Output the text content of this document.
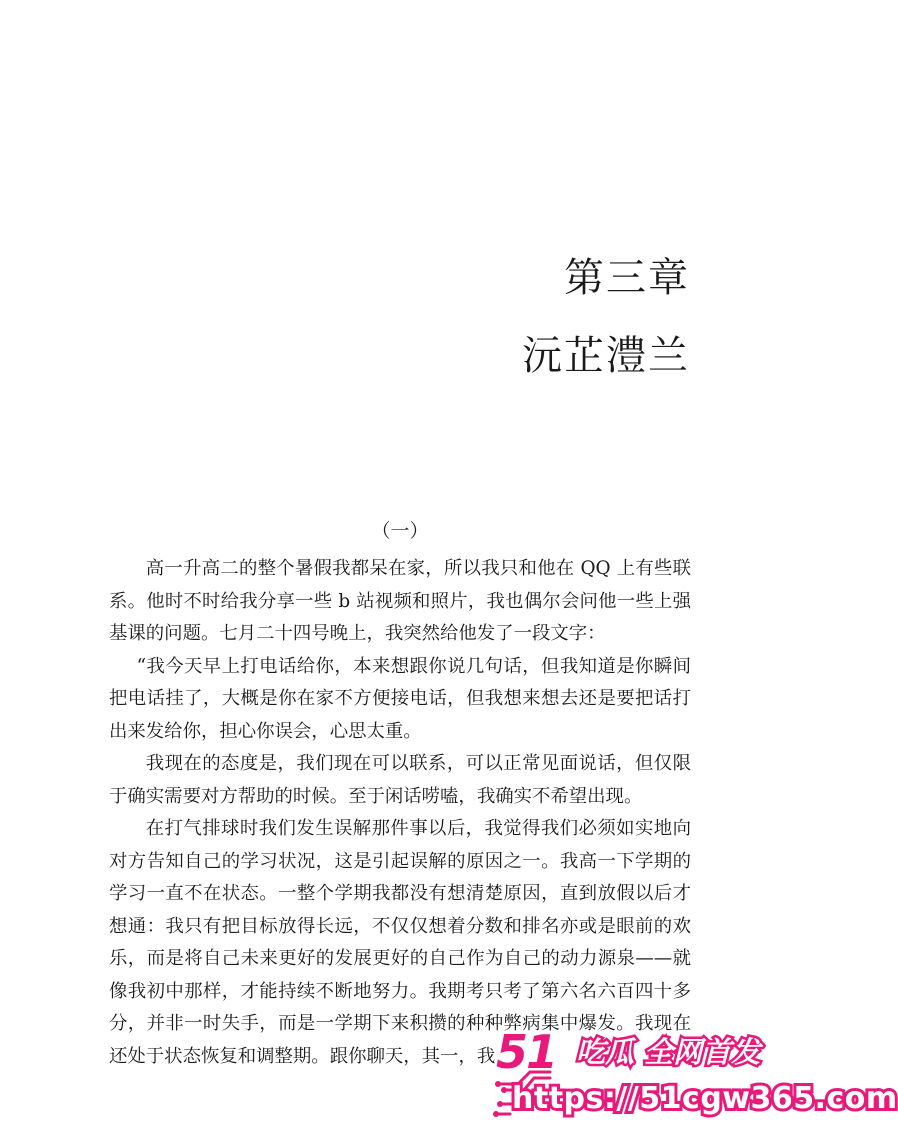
第三章
沅芷澧兰
（一）

高一升高二的整个暑假我都呆在家，所以我只和他在 QQ 上有些联系。他时不时给我分享一些 b 站视频和照片，我也偶尔会问他一些上强基课的问题。七月二十四号晚上，我突然给他发了一段文字：

“我今天早上打电话给你，本来想跟你说几句话，但我知道是你瞬间把电话挂了，大概是你在家不方便接电话，但我想来想去还是要把话打出来发给你，担心你误会，心思太重。

我现在的态度是，我们现在可以联系，可以正常见面说话，但仅限于确实需要对方帮助的时候。至于闲话唠嗑，我确实不希望出现。

在打气排球时我们发生误解那件事以后，我觉得我们必须如实地向对方告知自己的学习状况，这是引起误解的原因之一。我高一下学期的学习一直不在状态。一整个学期我都没有想清楚原因，直到放假以后才想通：我只有把目标放得长远，不仅仅想着分数和排名亦或是眼前的欢乐，而是将自己未来更好的发展更好的自己作为自己的动力源泉——就像我初中那样，才能持续不断地努力。我期考只考了第六名六百四十多分，并非一时失手，而是一学期下来积攒的种种弊病集中爆发。我现在还处于状态恢复和调整期。跟你聊天，其一，我 51 吃瓜 全网首发
https://51cgw365.com
